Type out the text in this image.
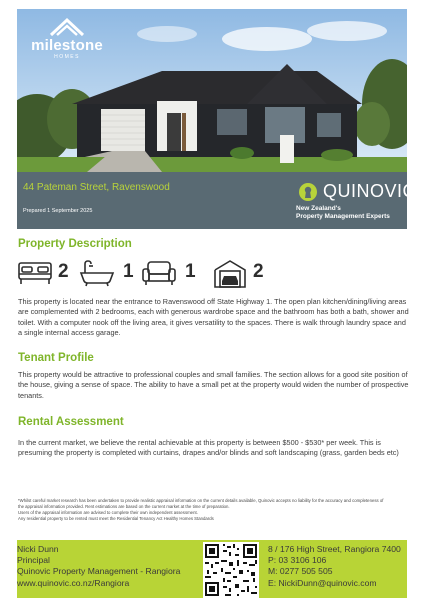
milestone
HOMES
44 Pateman Street, Ravenswood
Prepared 1 September 2025
QUINOVIC
New Zealand's
Property Management Experts
Property Description
2	1	1	2
This property is located near the entrance to Ravenswood off State Highway 1. The open plan kitchen/dining/living areas are complemented with 2 bedrooms, each with generous wardrobe space and the bathroom has both a bath, shower and toilet. With a computer nook off the living area, it gives versatility to the spaces. There is walk through laundry space and a single internal access garage.
Tenant Profile
This property would be attractive to professional couples and small families. The section allows for a good site position of the house, giving a sense of space. The ability to have a small pet at the property would widen the number of prospective tenants.
Rental Assessment
In the current market, we believe the rental achievable at this property is between $500 - $530* per week. This is presuming the property is completed with curtains, drapes and/or blinds and soft landscaping (grass, garden beds etc)
*Whilst careful market research has been undertaken to provide realistic appraisal information on the current details available, Quinovic accepts no liability for the accuracy and completeness of the appraisal information provided. Rent estimations are based on the current market at the time of preparation.
Users of the appraisal information are advised to complete their own independent assessment.
Any residential property to be rented must meet the Residential Tenancy Act Healthy Homes Standards
Nicki Dunn
Principal
Quinovic Property Management - Rangiora
www.quinovic.co.nz/Rangiora
8 / 176 High Street, Rangiora 7400
P: 03 3106 106
M: 0277 505 505
E: NickiDunn@quinovic.com
